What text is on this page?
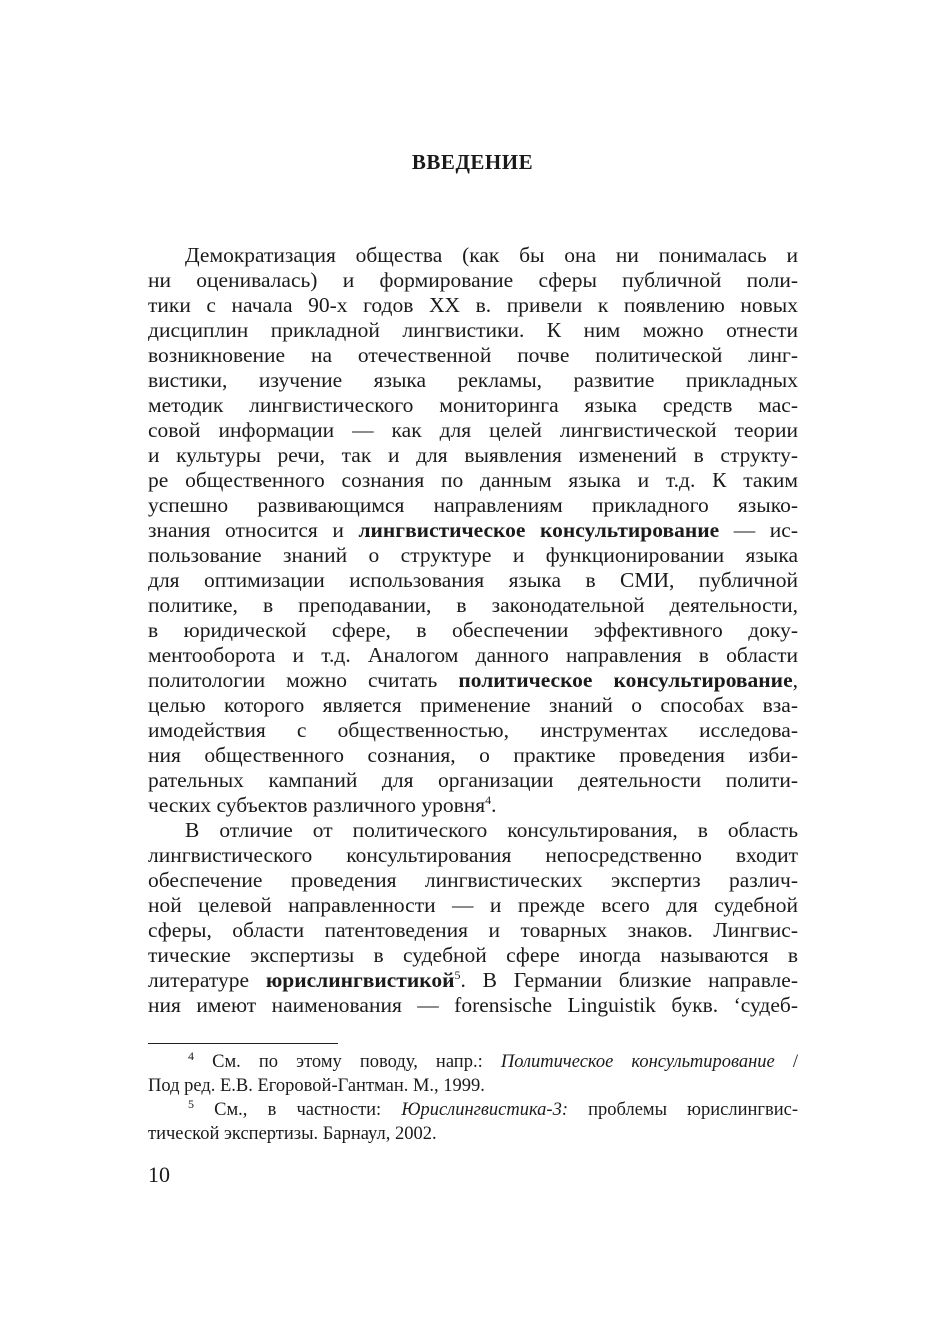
ВВЕДЕНИЕ
Демократизация общества (как бы она ни понималась и
ни оценивалась) и формирование сферы публичной поли-
тики с начала 90-х годов XX в. привели к появлению новых
дисциплин прикладной лингвистики. К ним можно отнести
возникновение на отечественной почве политической линг-
вистики, изучение языка рекламы, развитие прикладных
методик лингвистического мониторинга языка средств мас-
совой информации — как для целей лингвистической теории
и культуры речи, так и для выявления изменений в структу-
ре общественного сознания по данным языка и т.д. К таким
успешно развивающимся направлениям прикладного языко-
знания относится и лингвистическое консультирование — ис-
пользование знаний о структуре и функционировании языка
для оптимизации использования языка в СМИ, публичной
политике, в преподавании, в законодательной деятельности,
в юридической сфере, в обеспечении эффективного доку-
ментооборота и т.д. Аналогом данного направления в области
политологии можно считать политическое консультирование,
целью которого является применение знаний о способах вза-
имодействия с общественностью, инструментах исследова-
ния общественного сознания, о практике проведения изби-
рательных кампаний для организации деятельности полити-
ческих субъектов различного уровня$^4$.
В отличие от политического консультирования, в область
лингвистического консультирования непосредственно входит
обеспечение проведения лингвистических экспертиз различ-
ной целевой направленности — и прежде всего для судебной
сферы, области патентоведения и товарных знаков. Лингвис-
тические экспертизы в судебной сфере иногда называются в
литературе юрислингвистикой$^5$. В Германии близкие направле-
ния имеют наименования — forensische Linguistik букв. ‘судеб-
$^4$ См. по этому поводу, напр.: Политическое консультирование /
Под ред. Е.В. Егоровой-Гантман. М., 1999.
$^5$ См., в частности: Юрислингвистика-3: проблемы юрислингвис-
тической экспертизы. Барнаул, 2002.

10
